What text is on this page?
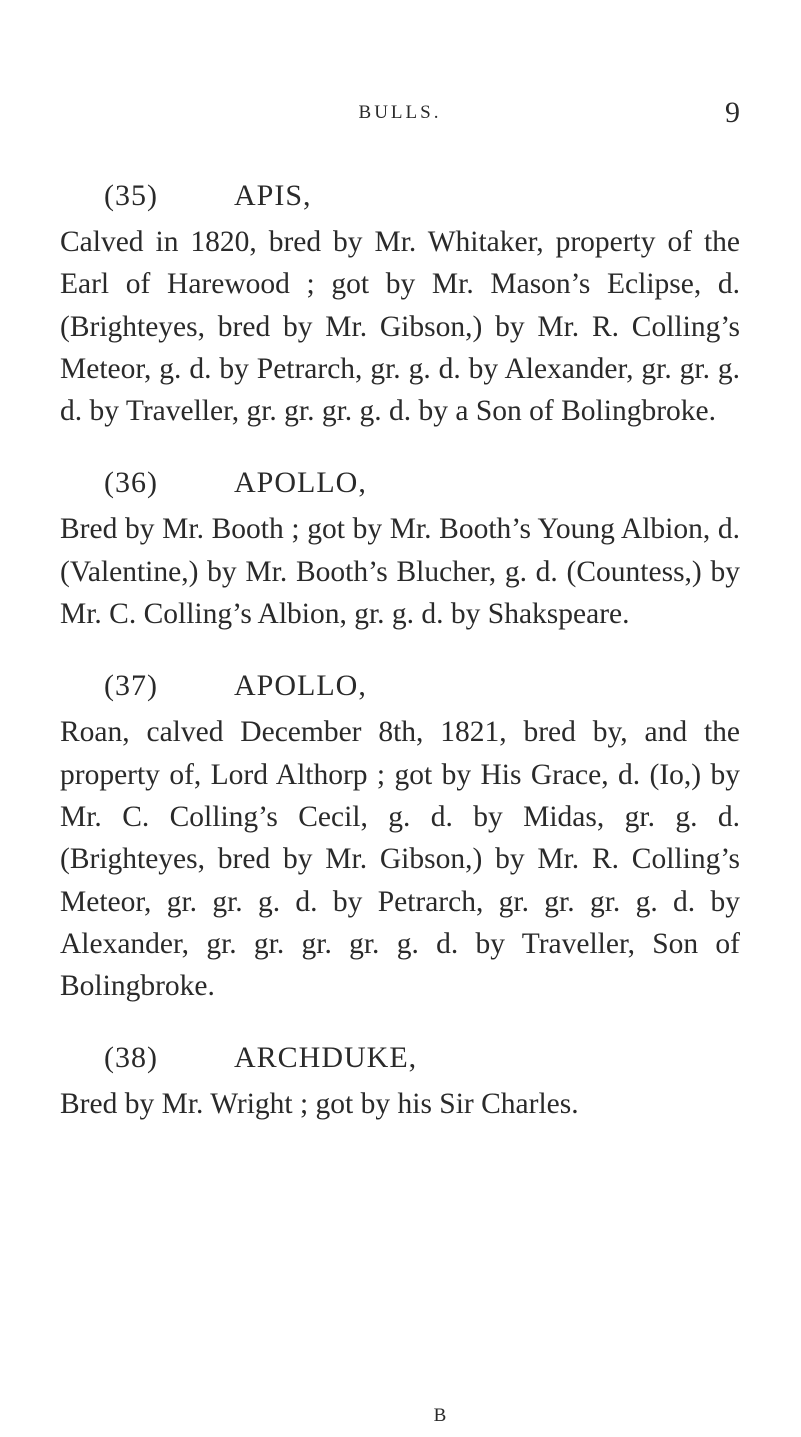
BULLS.	9
(35)	APIS,

Calved in 1820, bred by Mr. Whitaker, property of the Earl of Harewood ; got by Mr. Mason’s Eclipse, d. (Brighteyes, bred by Mr. Gibson,) by Mr. R. Colling’s Meteor, g. d. by Petrarch, gr. g. d. by Alexander, gr. gr. g. d. by Traveller, gr. gr. gr. g. d. by a Son of Bolingbroke.

(36)	APOLLO,

Bred by Mr. Booth ; got by Mr. Booth’s Young Albion, d. (Valentine,) by Mr. Booth’s Blucher, g. d. (Countess,) by Mr. C. Colling’s Albion, gr. g. d. by Shakspeare.

(37)	APOLLO,

Roan, calved December 8th, 1821, bred by, and the property of, Lord Althorp ; got by His Grace, d. (Io,) by Mr. C. Colling’s Cecil, g. d. by Midas, gr. g. d. (Brighteyes, bred by Mr. Gibson,) by Mr. R. Colling’s Meteor, gr. gr. g. d. by Petrarch, gr. gr. gr. g. d. by Alexander, gr. gr. gr. gr. g. d. by Traveller, Son of Bolingbroke.

(38)	ARCHDUKE,

Bred by Mr. Wright ; got by his Sir Charles.

B
